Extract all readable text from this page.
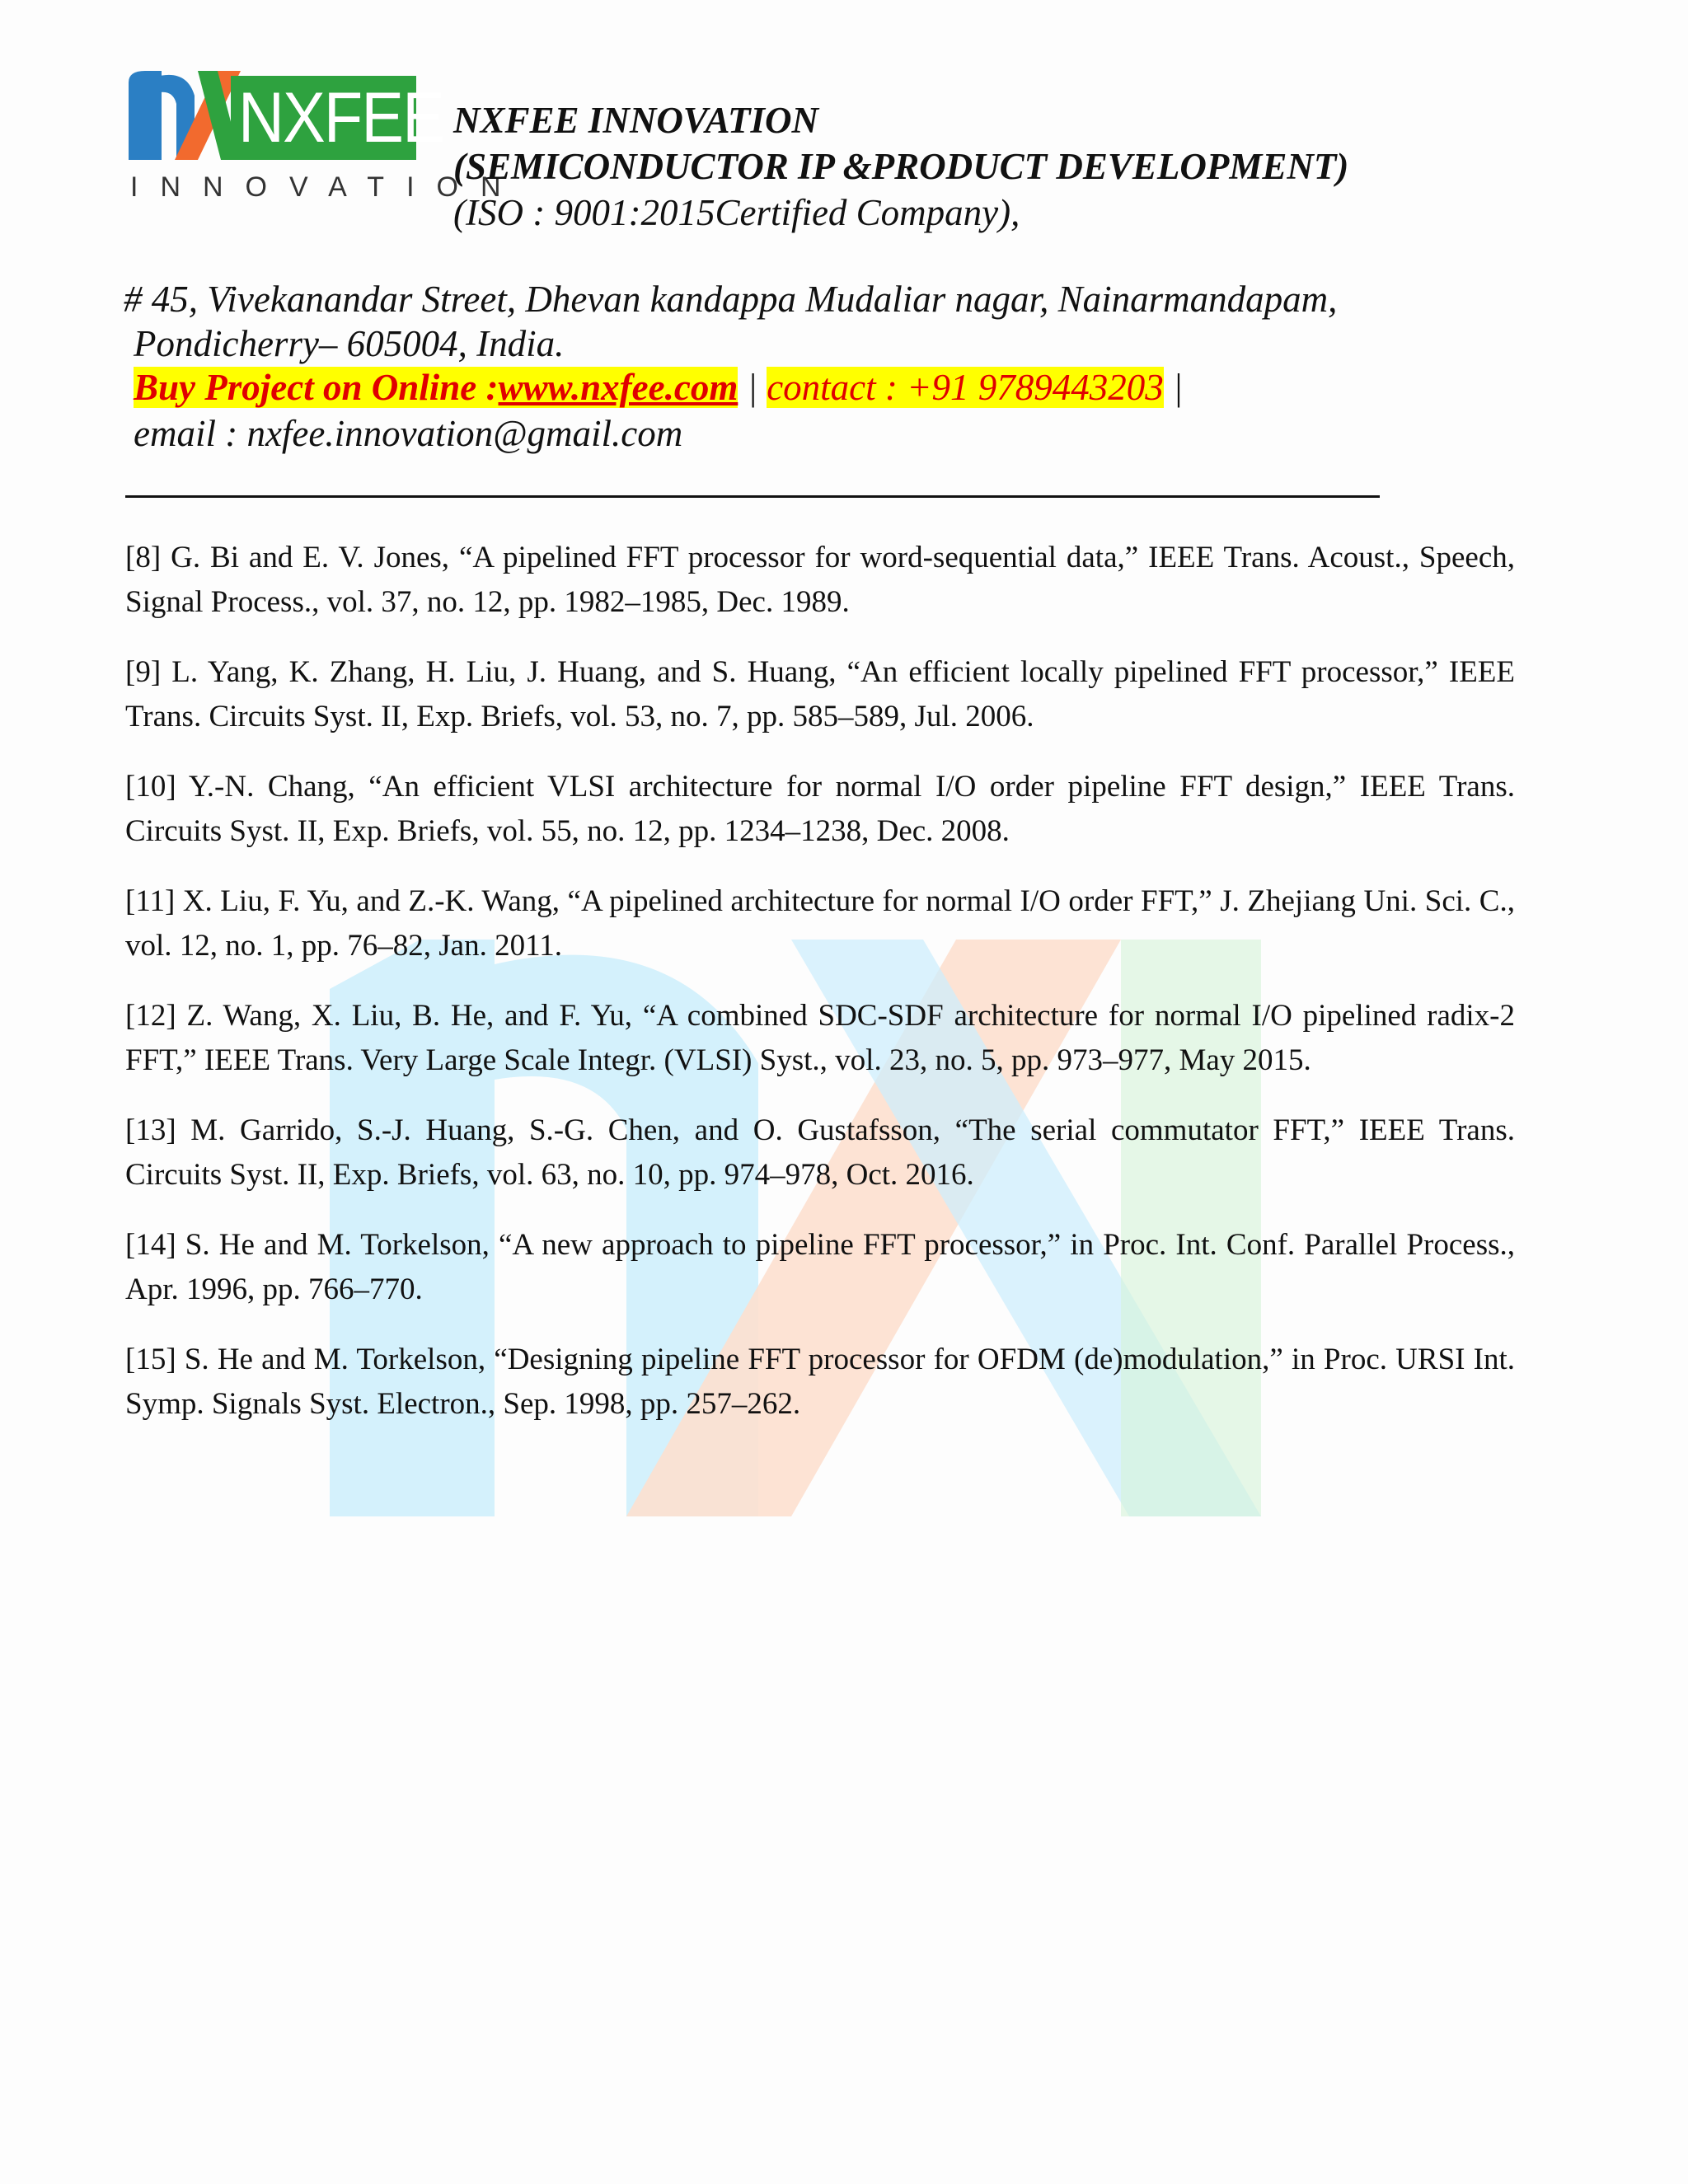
NXFEE
INNOVATION
NXFEE INNOVATION
(SEMICONDUCTOR IP &PRODUCT DEVELOPMENT)
(ISO : 9001:2015Certified Company),
# 45, Vivekanandar Street, Dhevan kandappa Mudaliar nagar, Nainarmandapam,
Pondicherry– 605004, India.
Buy Project on Online :www.nxfee.com | contact : +91 9789443203 |
email : nxfee.innovation@gmail.com

[8] G. Bi and E. V. Jones, “A pipelined FFT processor for word-sequential data,” IEEE Trans. Acoust., Speech, Signal Process., vol. 37, no. 12, pp. 1982–1985, Dec. 1989.

[9] L. Yang, K. Zhang, H. Liu, J. Huang, and S. Huang, “An efficient locally pipelined FFT processor,” IEEE Trans. Circuits Syst. II, Exp. Briefs, vol. 53, no. 7, pp. 585–589, Jul. 2006.

[10] Y.-N. Chang, “An efficient VLSI architecture for normal I/O order pipeline FFT design,” IEEE Trans. Circuits Syst. II, Exp. Briefs, vol. 55, no. 12, pp. 1234–1238, Dec. 2008.

[11] X. Liu, F. Yu, and Z.-K. Wang, “A pipelined architecture for normal I/O order FFT,” J. Zhejiang Uni. Sci. C., vol. 12, no. 1, pp. 76–82, Jan. 2011.

[12] Z. Wang, X. Liu, B. He, and F. Yu, “A combined SDC-SDF architecture for normal I/O pipelined radix-2 FFT,” IEEE Trans. Very Large Scale Integr. (VLSI) Syst., vol. 23, no. 5, pp. 973–977, May 2015.

[13] M. Garrido, S.-J. Huang, S.-G. Chen, and O. Gustafsson, “The serial commutator FFT,” IEEE Trans. Circuits Syst. II, Exp. Briefs, vol. 63, no. 10, pp. 974–978, Oct. 2016.

[14] S. He and M. Torkelson, “A new approach to pipeline FFT processor,” in Proc. Int. Conf. Parallel Process., Apr. 1996, pp. 766–770.

[15] S. He and M. Torkelson, “Designing pipeline FFT processor for OFDM (de)modulation,” in Proc. URSI Int. Symp. Signals Syst. Electron., Sep. 1998, pp. 257–262.
